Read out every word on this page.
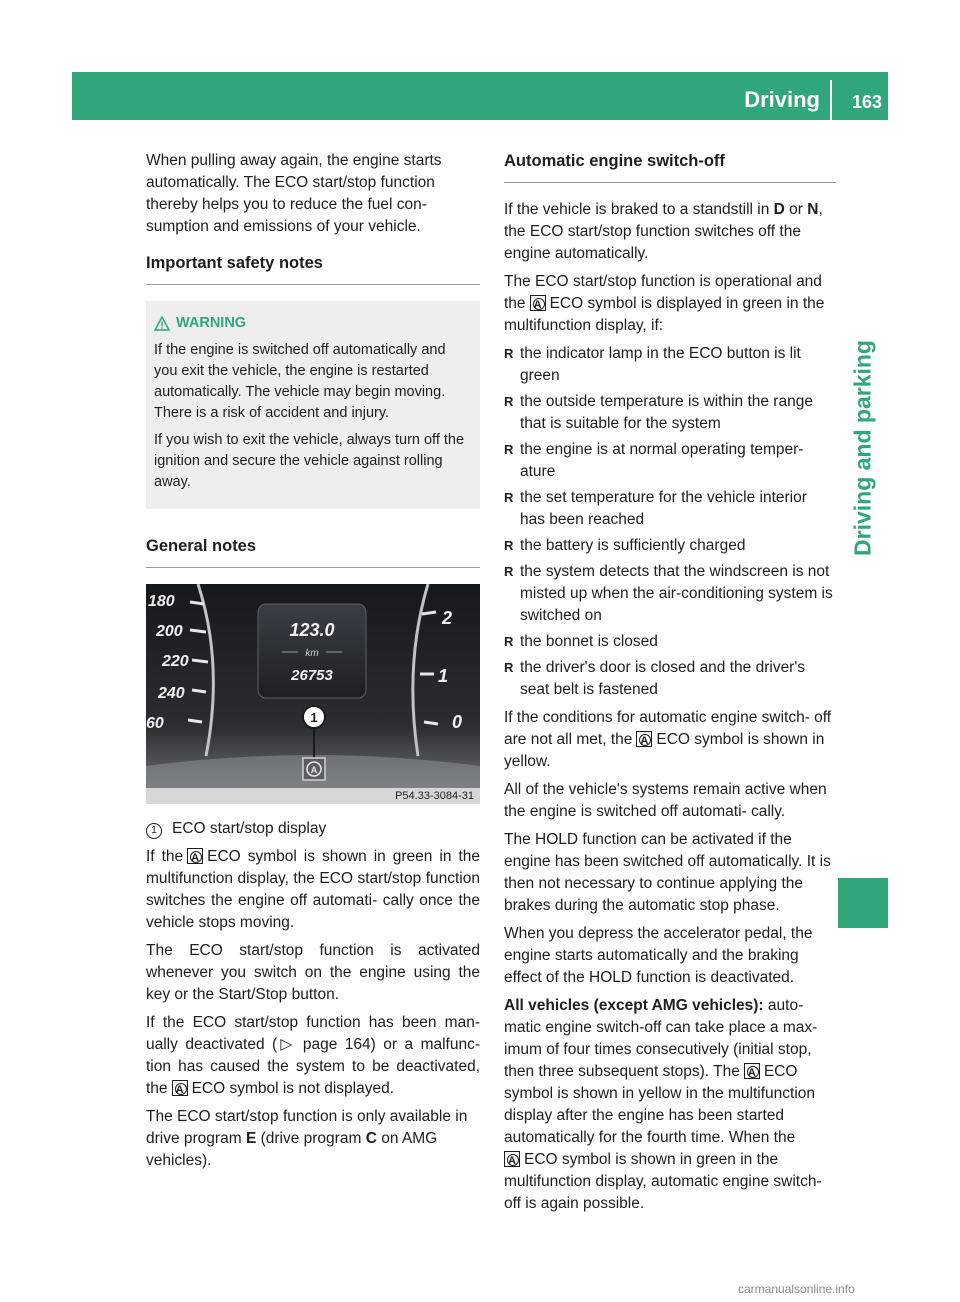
Driving 163
Driving and parking

When pulling away again, the engine starts automatically. The ECO start/stop function thereby helps you to reduce the fuel con- sumption and emissions of your vehicle.

Important safety notes
WARNING

If the engine is switched off automatically and you exit the vehicle, the engine is restarted automatically. The vehicle may begin moving. There is a risk of accident and injury.

If you wish to exit the vehicle, always turn off the ignition and secure the vehicle against rolling away.

General notes
180
200
220
240
60
2
1
0
123.0
km
26753
1
A
P54.33-3084-31

1 ECO start/stop display

If the A ECO symbol is shown in green in the multifunction display, the ECO start/stop function switches the engine off automati- cally once the vehicle stops moving.

The ECO start/stop function is activated whenever you switch on the engine using the key or the Start/Stop button.

If the ECO start/stop function has been man- ually deactivated (▷ page 164) or a malfunc- tion has caused the system to be deactivated, the A ECO symbol is not displayed.

The ECO start/stop function is only available in drive program E (drive program C on AMG vehicles).

Automatic engine switch-off

If the vehicle is braked to a standstill in D or N, the ECO start/stop function switches off the engine automatically.

The ECO start/stop function is operational and the A ECO symbol is displayed in green in the multifunction display, if:

R the indicator lamp in the ECO button is lit green
R the outside temperature is within the range that is suitable for the system
R the engine is at normal operating temper- ature
R the set temperature for the vehicle interior has been reached
R the battery is sufficiently charged
R the system detects that the windscreen is not misted up when the air-conditioning system is switched on
R the bonnet is closed
R the driver's door is closed and the driver's seat belt is fastened

If the conditions for automatic engine switch- off are not all met, the A ECO symbol is shown in yellow.

All of the vehicle's systems remain active when the engine is switched off automati- cally.

The HOLD function can be activated if the engine has been switched off automatically. It is then not necessary to continue applying the brakes during the automatic stop phase.

When you depress the accelerator pedal, the engine starts automatically and the braking effect of the HOLD function is deactivated.

All vehicles (except AMG vehicles): auto- matic engine switch-off can take place a max- imum of four times consecutively (initial stop, then three subsequent stops). The A ECO symbol is shown in yellow in the multifunction display after the engine has been started automatically for the fourth time. When the
AECO symbol is shown in green in the multifunction display, automatic engine switch-off is again possible.

carmanualsonline.info
